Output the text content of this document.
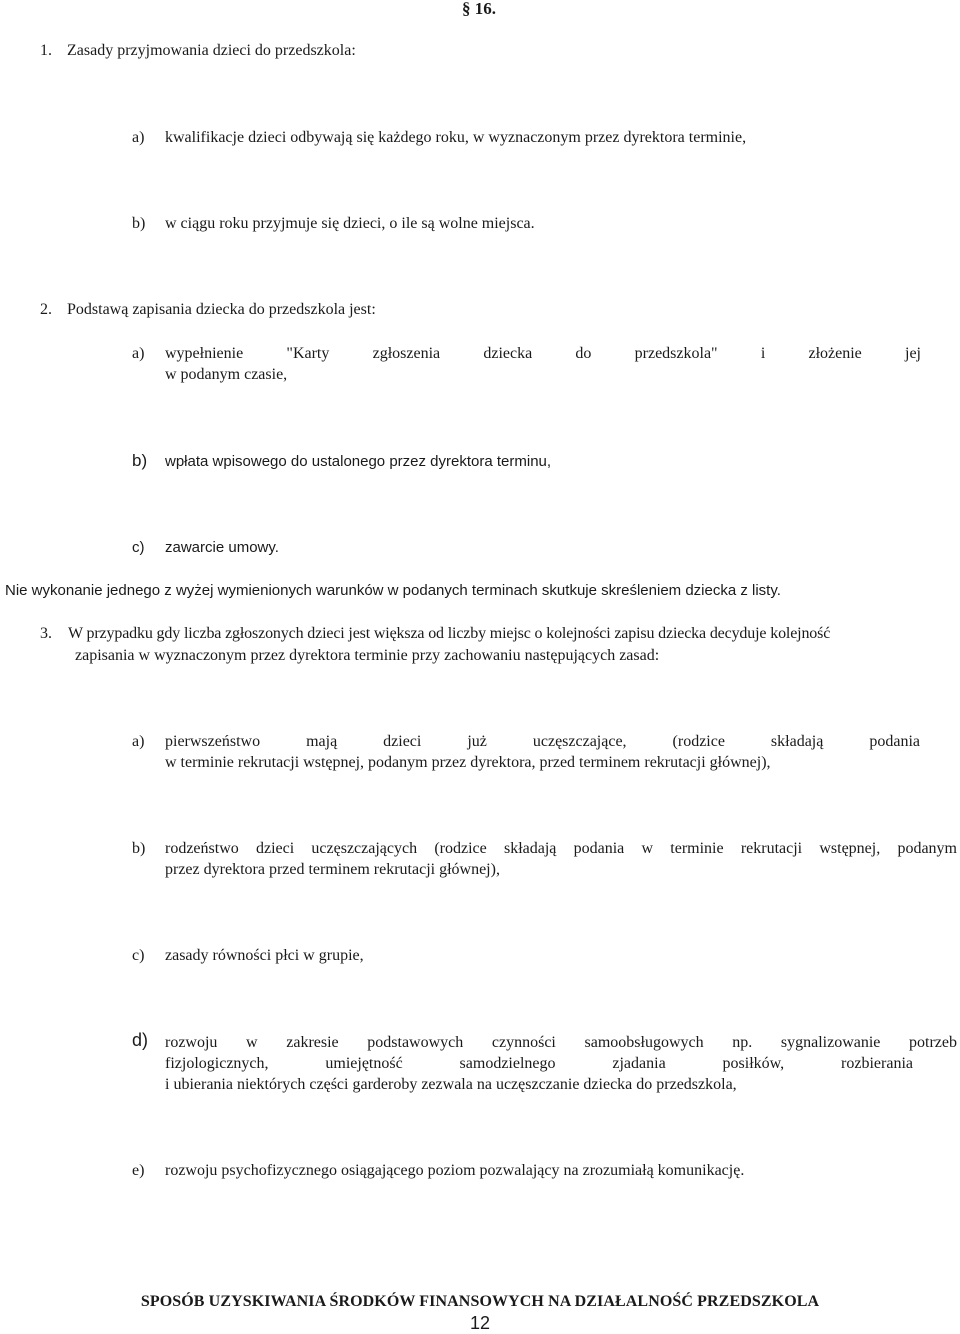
§ 16.
1. Zasady przyjmowania dzieci do przedszkola:
a) kwalifikacje dzieci odbywają się każdego roku, w wyznaczonym przez dyrektora terminie,
b) w ciągu roku przyjmuje się dzieci, o ile są wolne miejsca.
2. Podstawą zapisania dziecka do przedszkola jest:
a) wypełnienie "Karty zgłoszenia dziecka do przedszkola" i złożenie jej
w podanym czasie,
b) wpłata wpisowego do ustalonego przez dyrektora terminu,
c) zawarcie umowy.
Nie wykonanie jednego z wyżej wymienionych warunków w podanych terminach skutkuje skreśleniem dziecka z listy.
3. W przypadku gdy liczba zgłoszonych dzieci jest większa od liczby miejsc o kolejności zapisu dziecka decyduje kolejność
zapisania w wyznaczonym przez dyrektora terminie przy zachowaniu następujących zasad:
a) pierwszeństwo mają dzieci już uczęszczające, (rodzice składają podania
w terminie rekrutacji wstępnej, podanym przez dyrektora, przed terminem rekrutacji głównej),
b) rodzeństwo dzieci uczęszczających (rodzice składają podania w terminie rekrutacji wstępnej, podanym
przez dyrektora przed terminem rekrutacji głównej),
c) zasady równości płci w grupie,
d) rozwoju w zakresie podstawowych czynności samoobsługowych np. sygnalizowanie potrzeb
fizjologicznych, umiejętność samodzielnego zjadania posiłków, rozbierania
i ubierania niektórych części garderoby zezwala na uczęszczanie dziecka do przedszkola,
e) rozwoju psychofizycznego osiągającego poziom pozwalający na zrozumiałą komunikację.
SPOSÓB UZYSKIWANIA ŚRODKÓW FINANSOWYCH NA DZIAŁALNOŚĆ PRZEDSZKOLA
12
